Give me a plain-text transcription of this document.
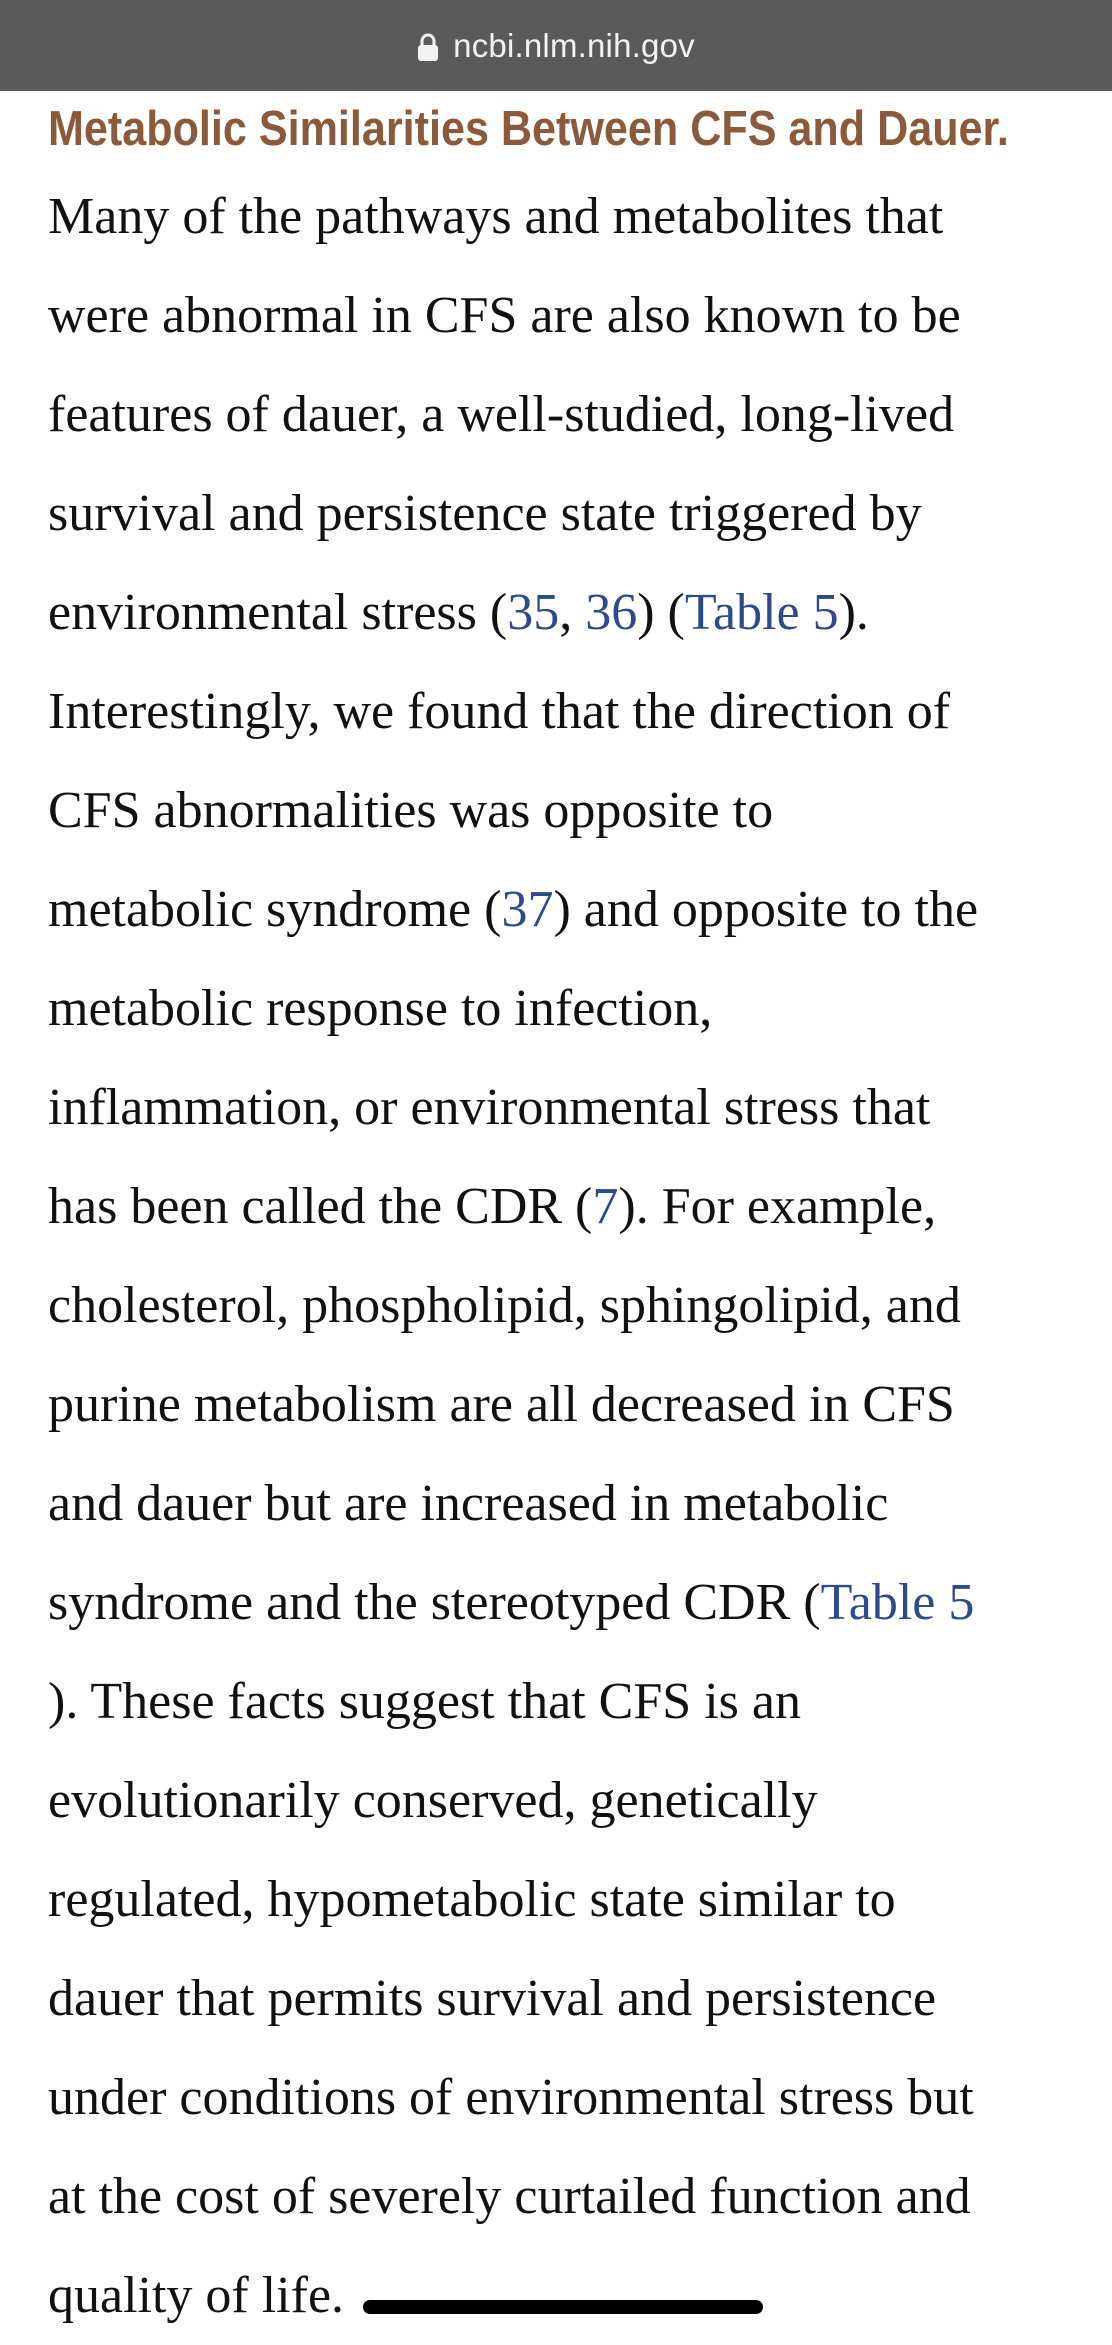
ncbi.nlm.nih.gov
Metabolic Similarities Between CFS and Dauer.

Many of the pathways and metabolites that
were abnormal in CFS are also known to be
features of dauer, a well-studied, long-lived
survival and persistence state triggered by
environmental stress (35, 36) (Table 5).
Interestingly, we found that the direction of
CFS abnormalities was opposite to
metabolic syndrome (37) and opposite to the
metabolic response to infection,
inflammation, or environmental stress that
has been called the CDR (7). For example,
cholesterol, phospholipid, sphingolipid, and
purine metabolism are all decreased in CFS
and dauer but are increased in metabolic
syndrome and the stereotyped CDR (Table 5
). These facts suggest that CFS is an
evolutionarily conserved, genetically
regulated, hypometabolic state similar to
dauer that permits survival and persistence
under conditions of environmental stress but
at the cost of severely curtailed function and
quality of life.
